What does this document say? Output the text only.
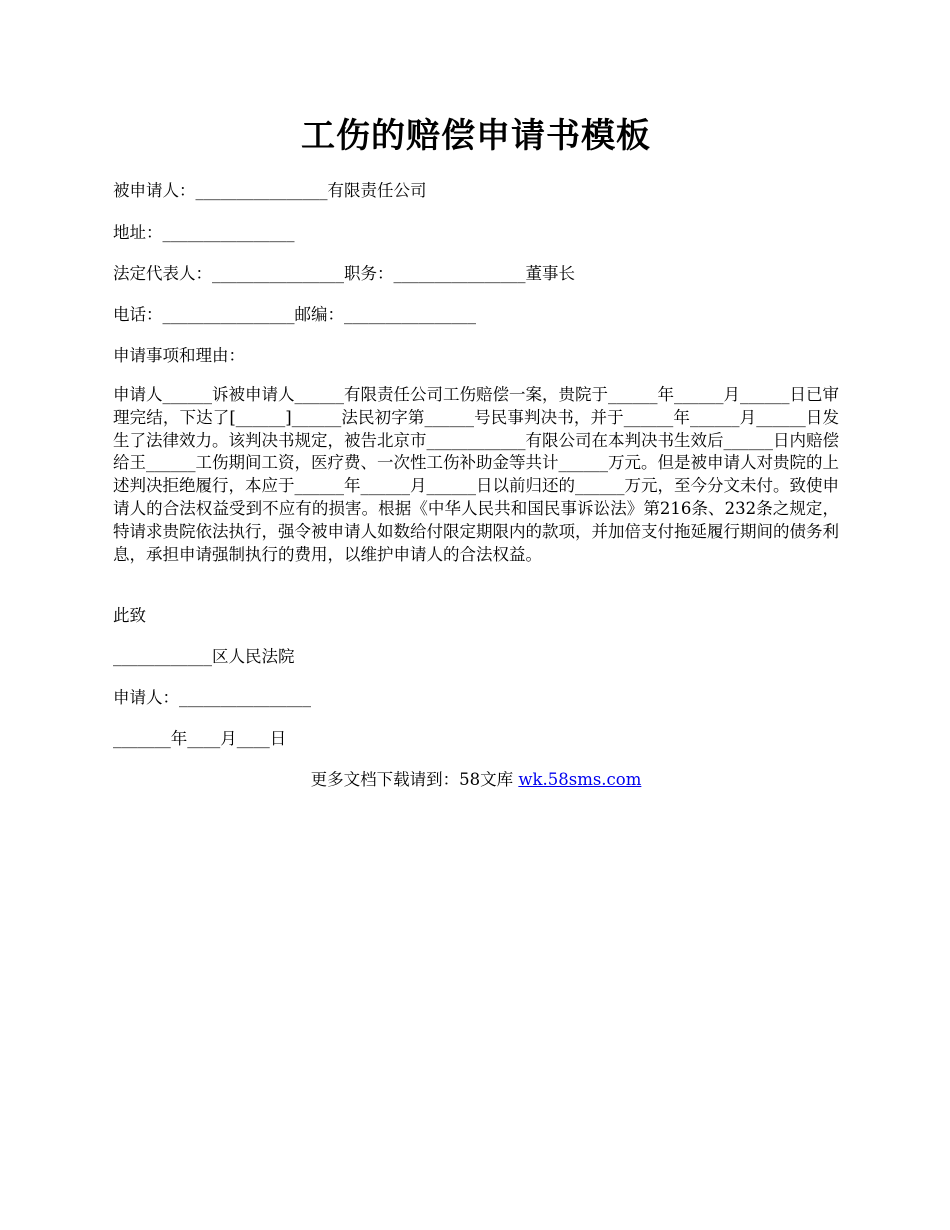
工伤的赔偿申请书模板
被申请人：________________有限责任公司
地址：________________
法定代表人：________________职务：________________董事长
电话：________________邮编：________________
申请事项和理由：
申请人______诉被申请人______有限责任公司工伤赔偿一案，贵院于______年______月______日已审理完结，下达了[______]______法民初字第______号民事判决书，并于______年______月______日发生了法律效力。该判决书规定，被告北京市____________有限公司在本判决书生效后______日内赔偿给王______工伤期间工资，医疗费、一次性工伤补助金等共计______万元。但是被申请人对贵院的上述判决拒绝履行，本应于______年______月______日以前归还的______万元，至今分文未付。致使申请人的合法权益受到不应有的损害。根据《中华人民共和国民事诉讼法》第216条、232条之规定，特请求贵院依法执行，强令被申请人如数给付限定期限内的款项，并加倍支付拖延履行期间的债务利息，承担申请强制执行的费用，以维护申请人的合法权益。
此致
____________区人民法院
申请人：________________
_______年____月____日
更多文档下载请到：58文库 wk.58sms.com
